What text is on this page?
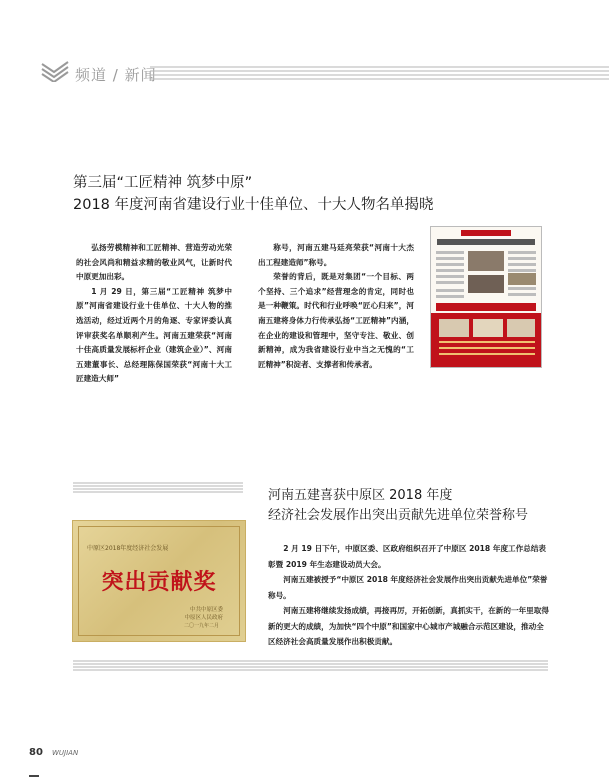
频道 / 新闻
第三届“工匠精神 筑梦中原”
2018 年度河南省建设行业十佳单位、十大人物名单揭晓

弘扬劳模精神和工匠精神、营造劳动光荣的社会风尚和精益求精的敬业风气，让新时代中原更加出彩。

1 月 29 日，第三届“工匠精神 筑梦中原”河南省建设行业十佳单位、十大人物的推选活动，经过近两个月的角逐、专家评委认真评审获奖名单顺利产生。河南五建荣获“河南十佳高质量发展标杆企业（建筑企业）”、河南五建董事长、总经理陈保国荣获“河南十大工匠建造大师”

称号，河南五建马廷亮荣获“河南十大杰出工程建造师”称号。

荣誉的背后，既是对集团“一个目标、两个坚持、三个追求”经营理念的肯定，同时也是一种鞭策。时代和行业呼唤“匠心归来”，河南五建将身体力行传承弘扬“工匠精神”内涵，在企业的建设和管理中，坚守专注、敬业、创新精神，成为我省建设行业中当之无愧的“工匠精神”积淀者、支撑者和传承者。

河南五建喜获中原区 2018 年度
经济社会发展作出突出贡献先进单位荣誉称号
中原区2018年度经济社会发展
突出贡献奖
中共中原区委
中原区人民政府
二〇一九年二月

2 月 19 日下午，中原区委、区政府组织召开了中原区 2018 年度工作总结表彰暨 2019 年生态建设动员大会。

河南五建被授予“中原区 2018 年度经济社会发展作出突出贡献先进单位”荣誉称号。

河南五建将继续发扬成绩，再接再厉，开拓创新，真抓实干，在新的一年里取得新的更大的成绩，为加快“四个中原”和国家中心城市产城融合示范区建设，推动全区经济社会高质量发展作出积极贡献。

80 WUJIAN
